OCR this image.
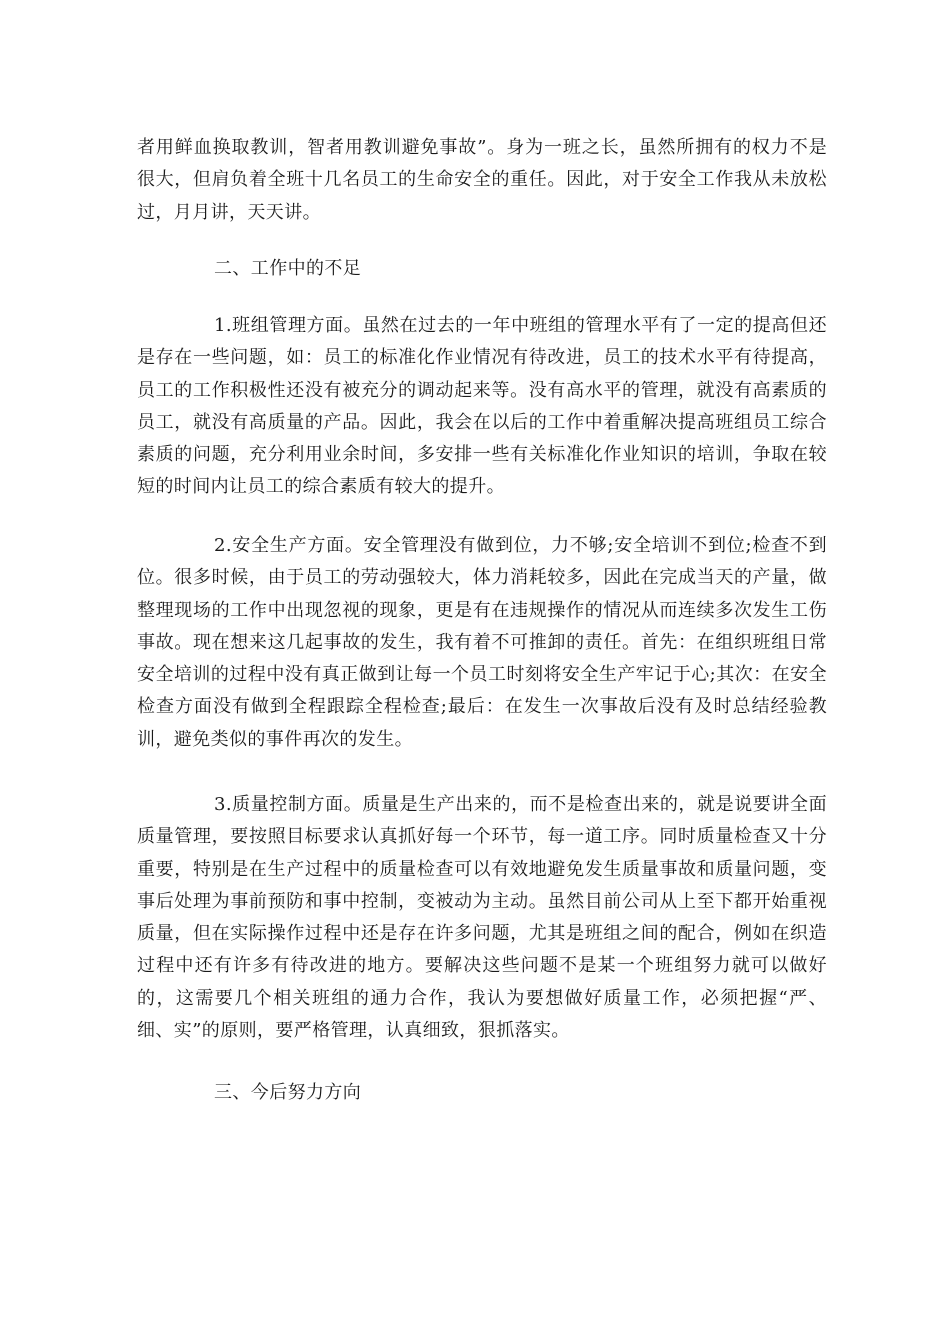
者用鲜血换取教训，智者用教训避免事故”。身为一班之长，虽然所拥有的权力不是很大，但肩负着全班十几名员工的生命安全的重任。因此，对于安全工作我从未放松过，月月讲，天天讲。

二、工作中的不足

1.班组管理方面。虽然在过去的一年中班组的管理水平有了一定的提高但还是存在一些问题，如：员工的标准化作业情况有待改进，员工的技术水平有待提高，员工的工作积极性还没有被充分的调动起来等。没有高水平的管理，就没有高素质的员工，就没有高质量的产品。因此，我会在以后的工作中着重解决提高班组员工综合素质的问题，充分利用业余时间，多安排一些有关标准化作业知识的培训，争取在较短的时间内让员工的综合素质有较大的提升。

2.安全生产方面。安全管理没有做到位，力不够;安全培训不到位;检查不到位。很多时候，由于员工的劳动强较大，体力消耗较多，因此在完成当天的产量，做整理现场的工作中出现忽视的现象，更是有在违规操作的情况从而连续多次发生工伤事故。现在想来这几起事故的发生，我有着不可推卸的责任。首先：在组织班组日常安全培训的过程中没有真正做到让每一个员工时刻将安全生产牢记于心;其次：在安全检查方面没有做到全程跟踪全程检查;最后：在发生一次事故后没有及时总结经验教训，避免类似的事件再次的发生。

3.质量控制方面。质量是生产出来的，而不是检查出来的，就是说要讲全面质量管理，要按照目标要求认真抓好每一个环节，每一道工序。同时质量检查又十分重要，特别是在生产过程中的质量检查可以有效地避免发生质量事故和质量问题，变事后处理为事前预防和事中控制，变被动为主动。虽然目前公司从上至下都开始重视质量，但在实际操作过程中还是存在许多问题，尤其是班组之间的配合，例如在织造过程中还有许多有待改进的地方。要解决这些问题不是某一个班组努力就可以做好的，这需要几个相关班组的通力合作，我认为要想做好质量工作，必须把握“严、细、实”的原则，要严格管理，认真细致，狠抓落实。

三、今后努力方向
